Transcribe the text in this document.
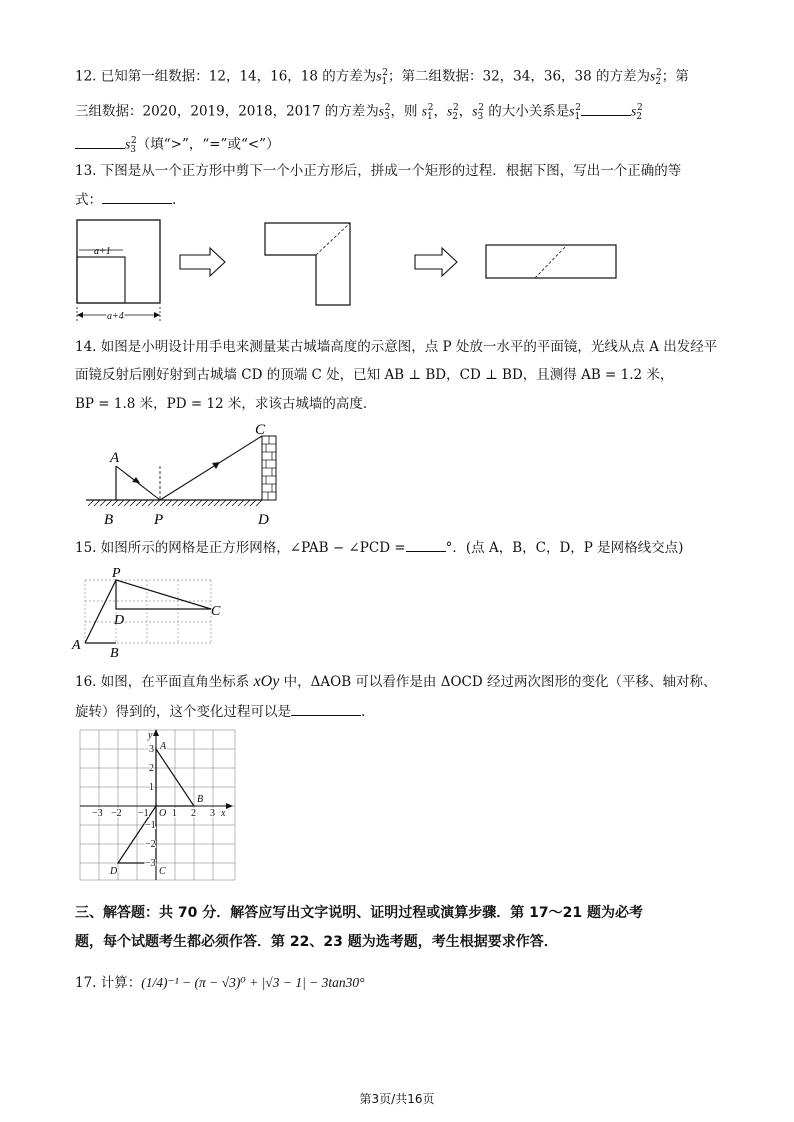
12. 已知第一组数据：12，14，16，18 的方差为$s_1^2$；第二组数据：32，34，36，38 的方差为$s_2^2$；第
三组数据：2020，2019，2018，2017 的方差为$s_3^2$，则 $s_1^2$，$s_2^2$，$s_3^2$ 的大小关系是$s_1^2$	$s_2^2$
$s_3^2$（填“>”，“=”或“<”）
13. 下图是从一个正方形中剪下一个小正方形后，拼成一个矩形的过程．根据下图，写出一个正确的等
式：	.
a+1
a+4
14. 如图是小明设计用手电来测量某古城墙高度的示意图，点 P 处放一水平的平面镜，光线从点 A 出发经平
面镜反射后刚好射到古城墙 CD 的顶端 C 处，已知 AB ⊥ BD，CD ⊥ BD，且测得 AB = 1.2 米，
BP = 1.8 米，PD = 12 米，求该古城墙的高度．
A
B	P
C
D
15. 如图所示的网格是正方形网格，∠PAB − ∠PCD =	°．(点 A，B，C，D，P 是网格线交点)
P
C
D
A
B
16. 如图，在平面直角坐标系 xOy 中，ΔAOB 可以看作是由 ΔOCD 经过两次图形的变化（平移、轴对称、
旋转）得到的，这个变化过程可以是	.
y
x
O
−3 −2 −1 1 2 3
3
2
1
−1
−2
−3
A
B
C
D
三、解答题：共 70 分．解答应写出文字说明、证明过程或演算步骤．第 17～21 题为必考
题，每个试题考生都必须作答．第 22、23 题为选考题，考生根据要求作答．
17. 计算：(1/4)⁻¹ − (π − √3)⁰ + |√3 − 1| − 3tan30°
第3页/共16页
